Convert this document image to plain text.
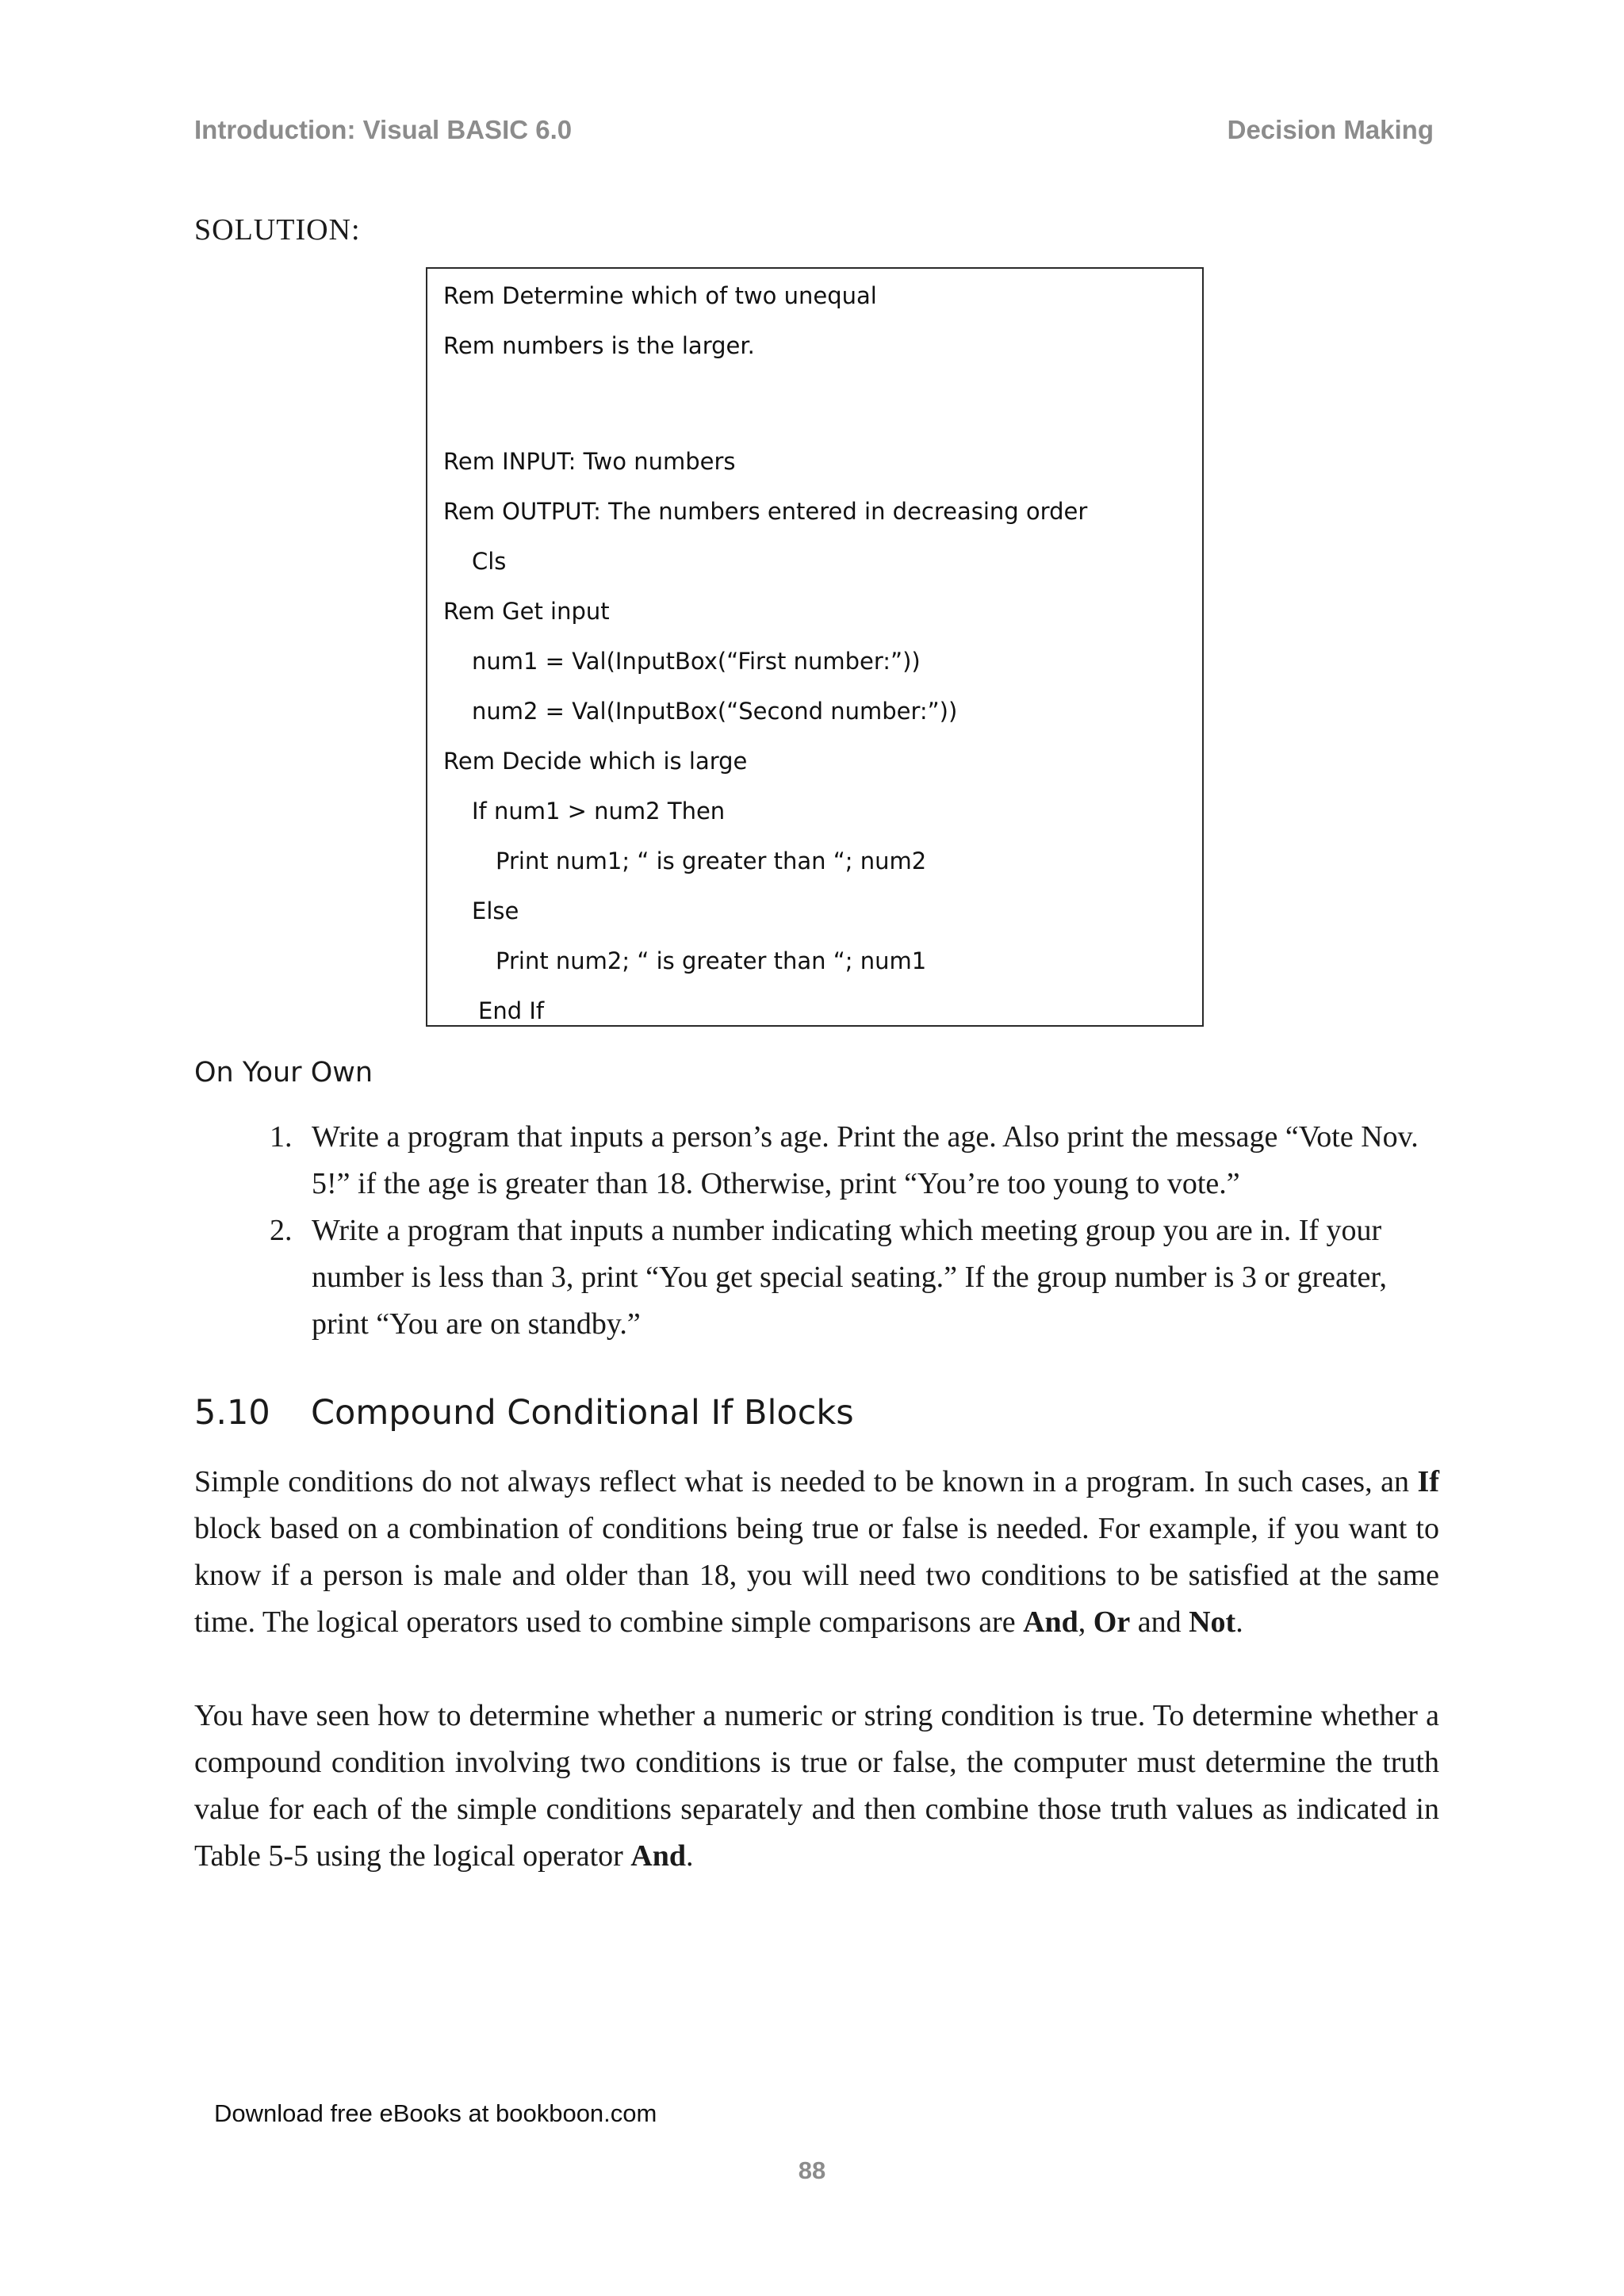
Introduction: Visual BASIC 6.0	Decision Making
SOLUTION:
Rem Determine which of two unequal
Rem numbers is the larger.
Rem INPUT: Two numbers
Rem OUTPUT: The numbers entered in decreasing order
Cls
Rem Get input
num1 = Val(InputBox(“First number:”))
num2 = Val(InputBox(“Second number:”))
Rem Decide which is large
If num1 > num2 Then
Print num1; “ is greater than “; num2
Else
Print num2; “ is greater than “; num1
End If
On Your Own
1. Write a program that inputs a person’s age. Print the age. Also print the message “Vote Nov. 5!” if the age is greater than 18. Otherwise, print “You’re too young to vote.”
2. Write a program that inputs a number indicating which meeting group you are in. If your number is less than 3, print “You get special seating.” If the group number is 3 or greater, print “You are on standby.”
5.10 Compound Conditional If Blocks

Simple conditions do not always reflect what is needed to be known in a program. In such cases, an If block based on a combination of conditions being true or false is needed. For example, if you want to know if a person is male and older than 18, you will need two conditions to be satisfied at the same time. The logical operators used to combine simple comparisons are And, Or and Not.

You have seen how to determine whether a numeric or string condition is true. To determine whether a compound condition involving two conditions is true or false, the computer must determine the truth value for each of the simple conditions separately and then combine those truth values as indicated in Table 5-5 using the logical operator And.

Download free eBooks at bookboon.com
88
